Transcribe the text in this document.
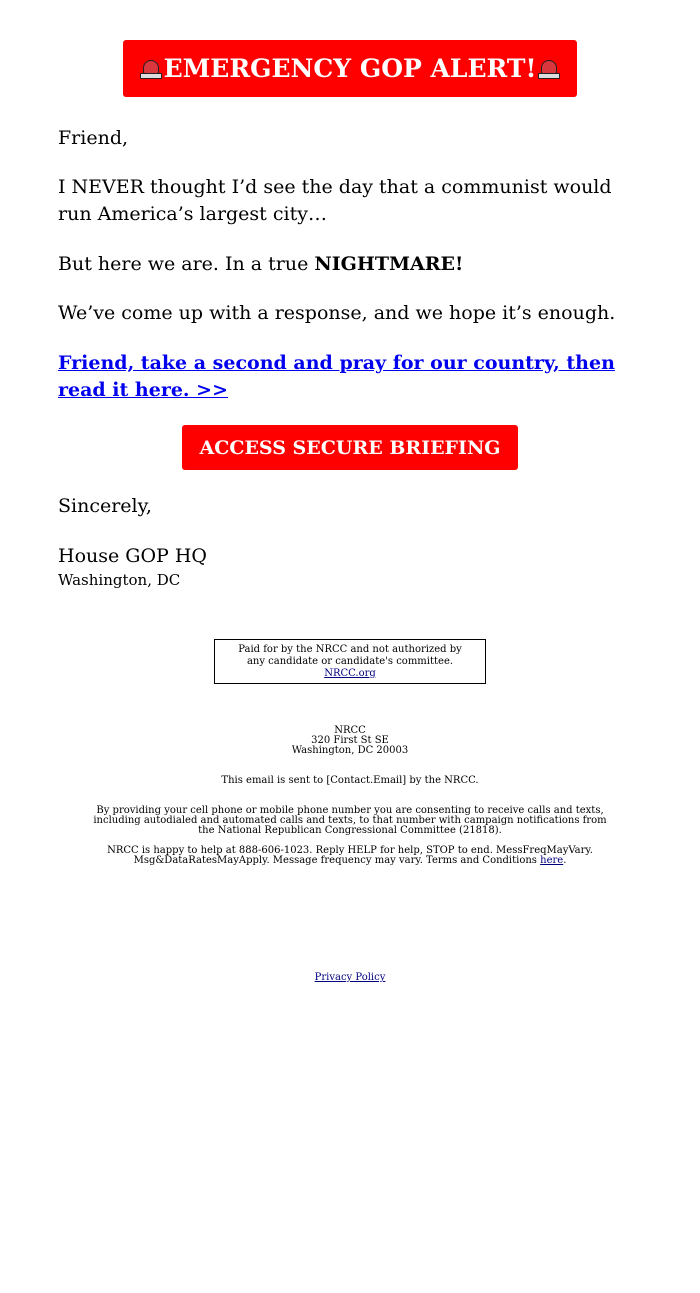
EMERGENCY GOP ALERT!

Friend,

I NEVER thought I’d see the day that a communist would run America’s largest city…

But here we are. In a true NIGHTMARE!

We’ve come up with a response, and we hope it’s enough.

Friend, take a second and pray for our country, then read it here. >>

ACCESS SECURE BRIEFING

Sincerely,

House GOP HQ

Washington, DC

Paid for by the NRCC and not authorized by any candidate or candidate's committee. NRCC.org
NRCC
320 First St SE
Washington, DC 20003
This email is sent to [Contact.Email] by the NRCC.
By providing your cell phone or mobile phone number you are consenting to receive calls and texts, including autodialed and automated calls and texts, to that number with campaign notifications from the National Republican Congressional Committee (21818).
NRCC is happy to help at 888-606-1023. Reply HELP for help, STOP to end. MessFreqMayVary. Msg&DataRatesMayApply. Message frequency may vary. Terms and Conditions here.
Privacy Policy
